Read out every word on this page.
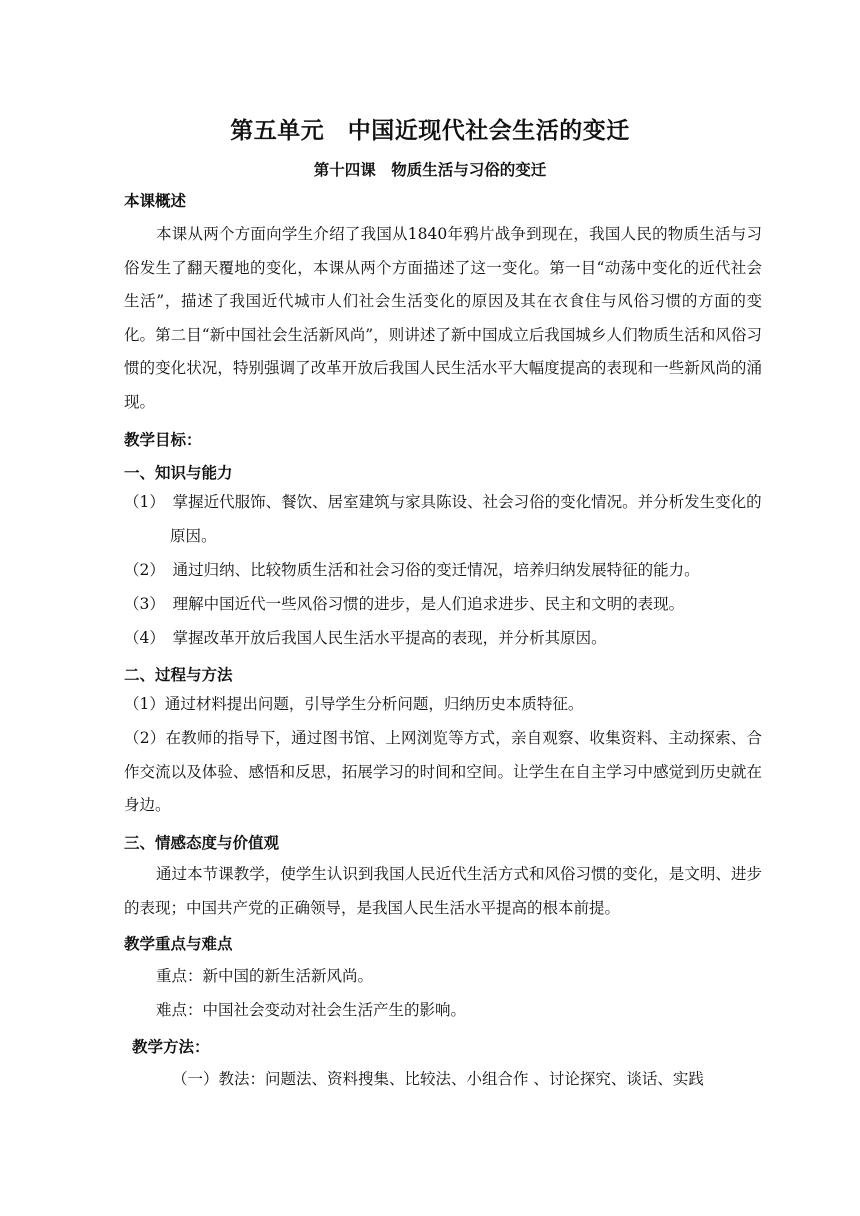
第五单元　中国近现代社会生活的变迁
第十四课　物质生活与习俗的变迁
本课概述
本课从两个方面向学生介绍了我国从1840年鸦片战争到现在，我国人民的物质生活与习俗发生了翻天覆地的变化，本课从两个方面描述了这一变化。第一目“动荡中变化的近代社会生活”，描述了我国近代城市人们社会生活变化的原因及其在衣食住与风俗习惯的方面的变化。第二目“新中国社会生活新风尚”，则讲述了新中国成立后我国城乡人们物质生活和风俗习惯的变化状况，特别强调了改革开放后我国人民生活水平大幅度提高的表现和一些新风尚的涌现。
教学目标：
一、知识与能力
（1）　掌握近代服饰、餐饮、居室建筑与家具陈设、社会习俗的变化情况。并分析发生变化的原因。
（2）　通过归纳、比较物质生活和社会习俗的变迁情况，培养归纳发展特征的能力。
（3）　理解中国近代一些风俗习惯的进步，是人们追求进步、民主和文明的表现。
（4）　掌握改革开放后我国人民生活水平提高的表现，并分析其原因。
二、过程与方法
（1）通过材料提出问题，引导学生分析问题，归纳历史本质特征。
（2）在教师的指导下，通过图书馆、上网浏览等方式，亲自观察、收集资料、主动探索、合作交流以及体验、感悟和反思，拓展学习的时间和空间。让学生在自主学习中感觉到历史就在身边。
三、情感态度与价值观
通过本节课教学，使学生认识到我国人民近代生活方式和风俗习惯的变化，是文明、进步的表现；中国共产党的正确领导，是我国人民生活水平提高的根本前提。
教学重点与难点
重点：新中国的新生活新风尚。
难点：中国社会变动对社会生活产生的影响。
教学方法：
（一）教法：问题法、资料搜集、比较法、小组合作 、讨论探究、谈话、实践
